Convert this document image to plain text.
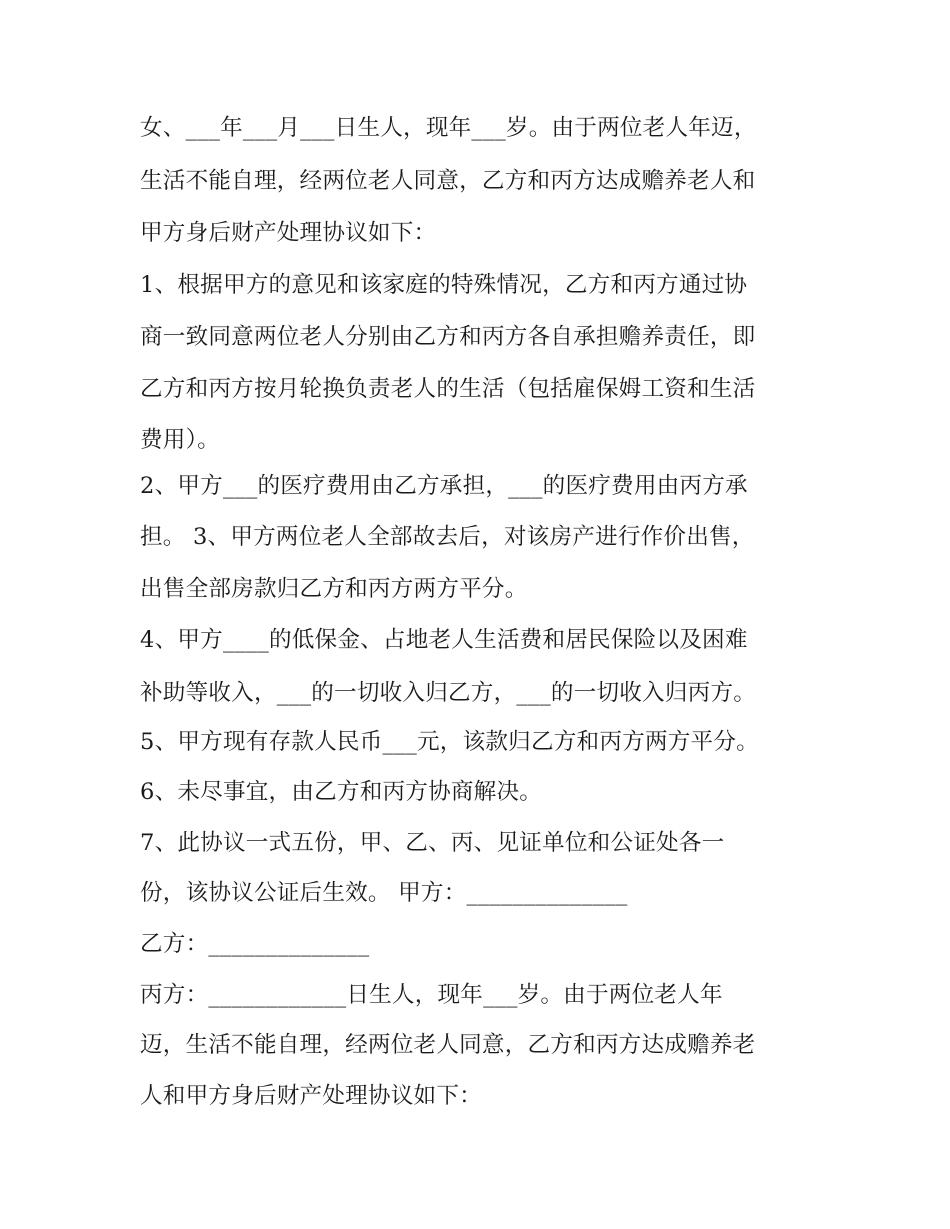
女、___年___月___日生人，现年___岁。由于两位老人年迈，
生活不能自理，经两位老人同意，乙方和丙方达成赡养老人和
甲方身后财产处理协议如下：
1、根据甲方的意见和该家庭的特殊情况，乙方和丙方通过协
商一致同意两位老人分别由乙方和丙方各自承担赡养责任，即
乙方和丙方按月轮换负责老人的生活（包括雇保姆工资和生活
费用）。
2、甲方___的医疗费用由乙方承担，___的医疗费用由丙方承
担。 3、甲方两位老人全部故去后，对该房产进行作价出售，
出售全部房款归乙方和丙方两方平分。
4、甲方____的低保金、占地老人生活费和居民保险以及困难
补助等收入，___的一切收入归乙方，___的一切收入归丙方。
5、甲方现有存款人民币___元，该款归乙方和丙方两方平分。
6、未尽事宜，由乙方和丙方协商解决。
7、此协议一式五份，甲、乙、丙、见证单位和公证处各一
份，该协议公证后生效。 甲方：______________
乙方：______________
丙方：____________日生人，现年___岁。由于两位老人年
迈，生活不能自理，经两位老人同意，乙方和丙方达成赡养老
人和甲方身后财产处理协议如下：
